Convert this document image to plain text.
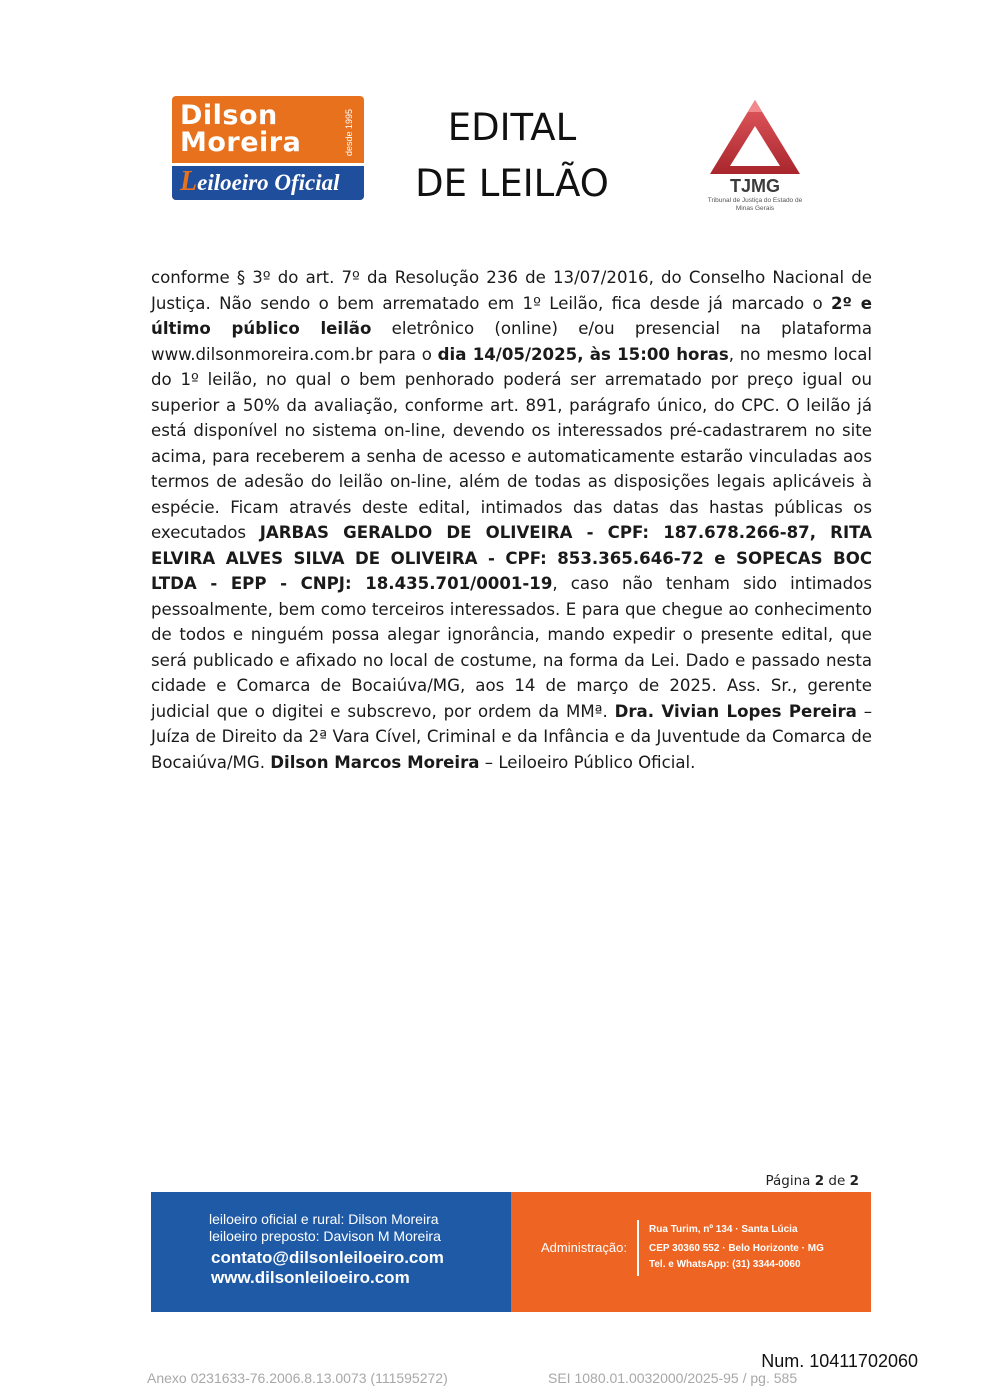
Dilson Moreira	desde 1995
Leiloeiro Oficial
EDITAL
DE LEILÃO	TJMG
Tribunal de Justiça do Estado de Minas Gerais

conforme § 3º do art. 7º da Resolução 236 de 13/07/2016, do Conselho Nacional de Justiça. Não sendo o bem arrematado em 1º Leilão, fica desde já marcado o 2º e último público leilão eletrônico (online) e/ou presencial na plataforma www.dilsonmoreira.com.br para o dia 14/05/2025, às 15:00 horas, no mesmo local do 1º leilão, no qual o bem penhorado poderá ser arrematado por preço igual ou superior a 50% da avaliação, conforme art. 891, parágrafo único, do CPC. O leilão já está disponível no sistema on-line, devendo os interessados pré-cadastrarem no site acima, para receberem a senha de acesso e automaticamente estarão vinculadas aos termos de adesão do leilão on-line, além de todas as disposições legais aplicáveis à espécie. Ficam através deste edital, intimados das datas das hastas públicas os executados JARBAS GERALDO DE OLIVEIRA - CPF: 187.678.266-87, RITA ELVIRA ALVES SILVA DE OLIVEIRA - CPF: 853.365.646-72 e SOPECAS BOC LTDA - EPP - CNPJ: 18.435.701/0001-19, caso não tenham sido intimados pessoalmente, bem como terceiros interessados. E para que chegue ao conhecimento de todos e ninguém possa alegar ignorância, mando expedir o presente edital, que será publicado e afixado no local de costume, na forma da Lei. Dado e passado nesta cidade e Comarca de Bocaiúva/MG, aos 14 de março de 2025. Ass. Sr., gerente judicial que o digitei e subscrevo, por ordem da MMª. Dra. Vivian Lopes Pereira – Juíza de Direito da 2ª Vara Cível, Criminal e da Infância e da Juventude da Comarca de Bocaiúva/MG. Dilson Marcos Moreira – Leiloeiro Público Oficial.

Página 2 de 2
leiloeiro oficial e rural: Dilson Moreira
leiloeiro preposto: Davison M Moreira
contato@dilsonleiloeiro.com
www.dilsonleiloeiro.com
Administração:
Rua Turim, nº 134 · Santa Lúcia
CEP 30360 552 · Belo Horizonte · MG
Tel. e WhatsApp: (31) 3344-0060
Num. 10411702060
Anexo 0231633-76.2006.8.13.0073 (111595272)	SEI 1080.01.0032000/2025-95 / pg. 585
